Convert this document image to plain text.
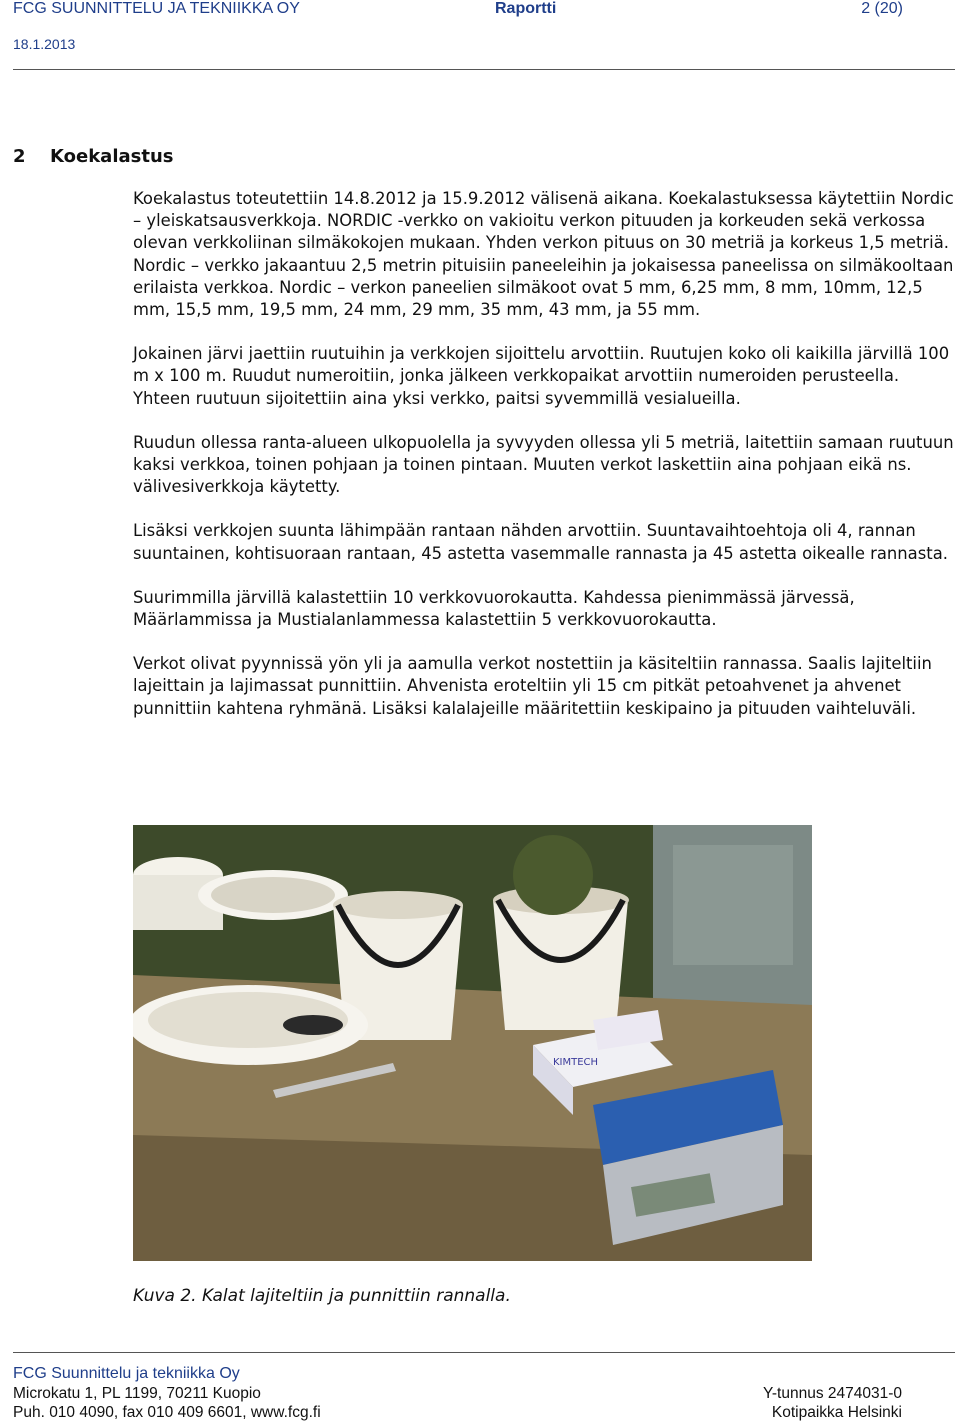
FCG SUUNNITTELU JA TEKNIIKKA OY	Raportti	2 (20)
18.1.2013
2 Koekalastus

Koekalastus toteutettiin 14.8.2012 ja 15.9.2012 välisenä aikana. Koekalastuksessa käytettiin Nordic – yleiskatsausverkkoja. NORDIC -verkko on vakioitu verkon pituuden ja korkeuden sekä verkossa olevan verkkoliinan silmäkokojen mukaan. Yhden verkon pituus on 30 metriä ja korkeus 1,5 metriä. Nordic – verkko jakaantuu 2,5 metrin pituisiin paneeleihin ja jokaisessa paneelissa on silmäkooltaan erilaista verkkoa. Nordic – verkon paneelien silmäkoot ovat 5 mm, 6,25 mm, 8 mm, 10mm, 12,5 mm, 15,5 mm, 19,5 mm, 24 mm, 29 mm, 35 mm, 43 mm, ja 55 mm.

Jokainen järvi jaettiin ruutuihin ja verkkojen sijoittelu arvottiin. Ruutujen koko oli kaikilla järvillä 100 m x 100 m. Ruudut numeroitiin, jonka jälkeen verkkopaikat arvottiin numeroiden perusteella. Yhteen ruutuun sijoitettiin aina yksi verkko, paitsi syvemmillä vesialueilla.

Ruudun ollessa ranta-alueen ulkopuolella ja syvyyden ollessa yli 5 metriä, laitettiin samaan ruutuun kaksi verkkoa, toinen pohjaan ja toinen pintaan. Muuten verkot laskettiin aina pohjaan eikä ns. välivesiverkkoja käytetty.

Lisäksi verkkojen suunta lähimpään rantaan nähden arvottiin. Suuntavaihtoehtoja oli 4, rannan suuntainen, kohtisuoraan rantaan, 45 astetta vasemmalle rannasta ja 45 astetta oikealle rannasta.

Suurimmilla järvillä kalastettiin 10 verkkovuorokautta. Kahdessa pienimmässä järvessä, Määrlammissa ja Mustialanlammessa kalastettiin 5 verkkovuorokautta.

Verkot olivat pyynnissä yön yli ja aamulla verkot nostettiin ja käsiteltiin rannassa. Saalis lajiteltiin lajeittain ja lajimassat punnittiin. Ahvenista eroteltiin yli 15 cm pitkät petoahvenet ja ahvenet punnittiin kahtena ryhmänä. Lisäksi kalalajeille määritettiin keskipaino ja pituuden vaihteluväli.

KIMTECH

Kuva 2. Kalat lajiteltiin ja punnittiin rannalla.

FCG Suunnittelu ja tekniikka Oy
Microkatu 1, PL 1199, 70211 Kuopio
Puh. 010 4090, fax 010 409 6601, www.fcg.fi
Y-tunnus 2474031-0
Kotipaikka Helsinki
